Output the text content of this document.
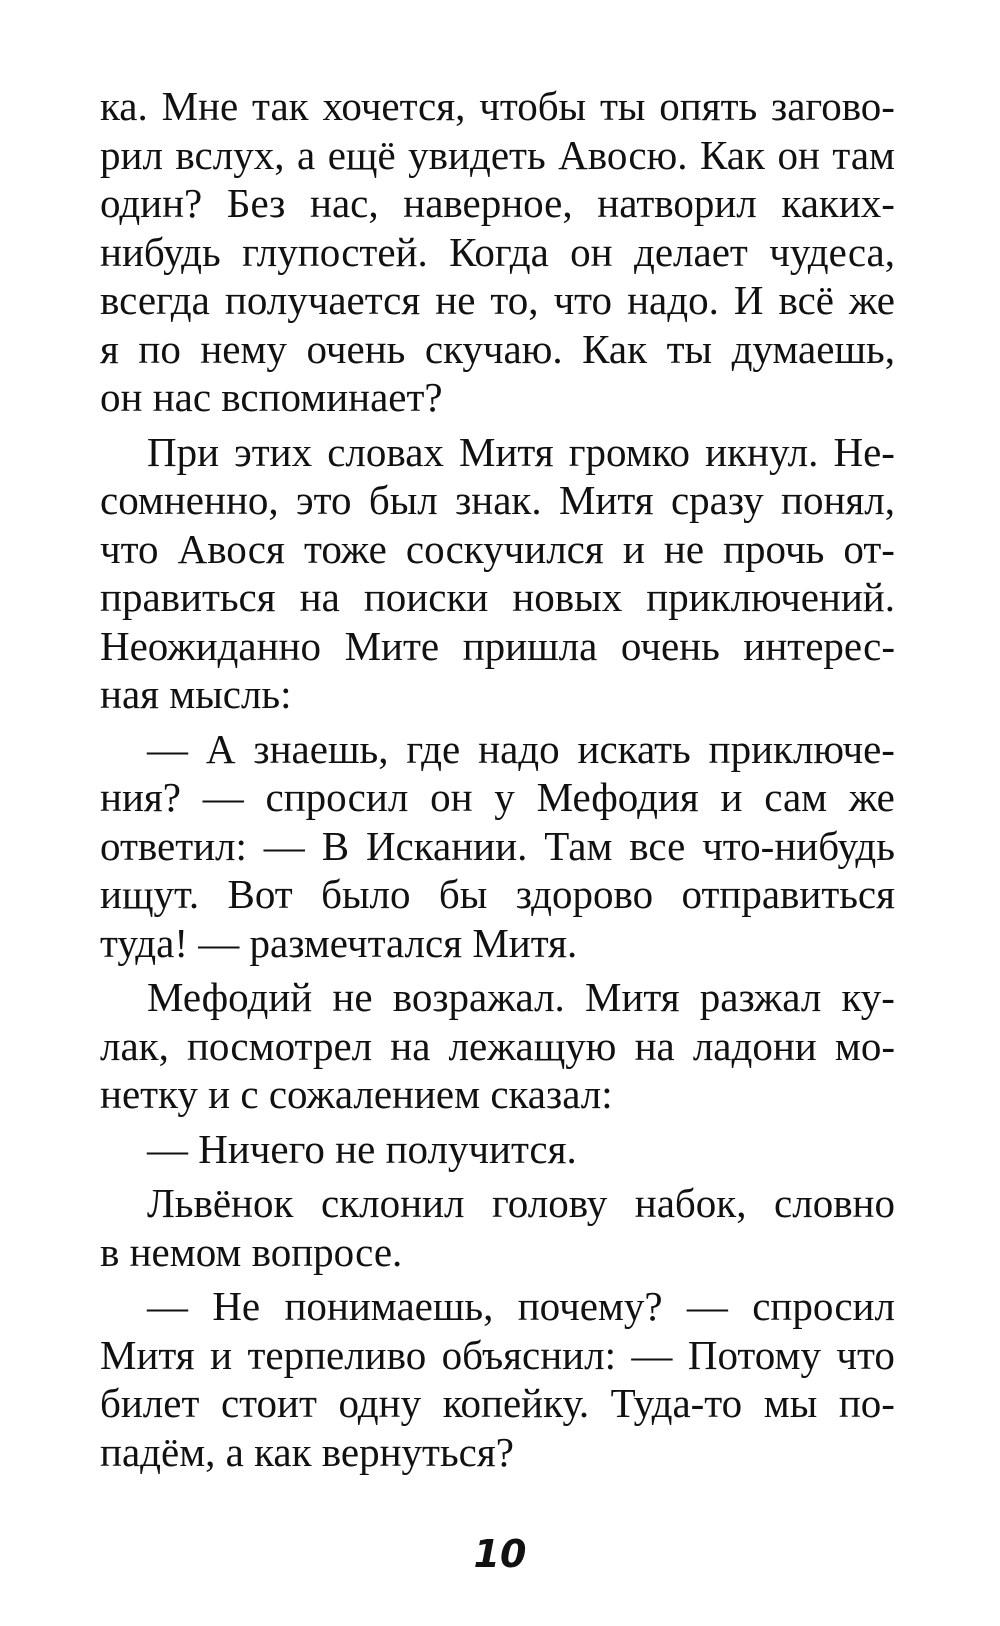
ка. Мне так хочется, чтобы ты опять загово-
рил вслух, а ещё увидеть Авосю. Как он там
один? Без нас, наверное, натворил каких-
нибудь глупостей. Когда он делает чудеса,
всегда получается не то, что надо. И всё же
я по нему очень скучаю. Как ты думаешь,
он нас вспоминает?
При этих словах Митя громко икнул. Не-
сомненно, это был знак. Митя сразу понял,
что Авося тоже соскучился и не прочь от-
правиться на поиски новых приключений.
Неожиданно Мите пришла очень интерес-
ная мысль:
— А знаешь, где надо искать приключе-
ния? — спросил он у Мефодия и сам же
ответил: — В Искании. Там все что-нибудь
ищут. Вот было бы здорово отправиться
туда! — размечтался Митя.
Мефодий не возражал. Митя разжал ку-
лак, посмотрел на лежащую на ладони мо-
нетку и с сожалением сказал:
— Ничего не получится.
Львёнок склонил голову набок, словно
в немом вопросе.
— Не понимаешь, почему? — спросил
Митя и терпеливо объяснил: — Потому что
билет стоит одну копейку. Туда-то мы по-
падём, а как вернуться?
10
